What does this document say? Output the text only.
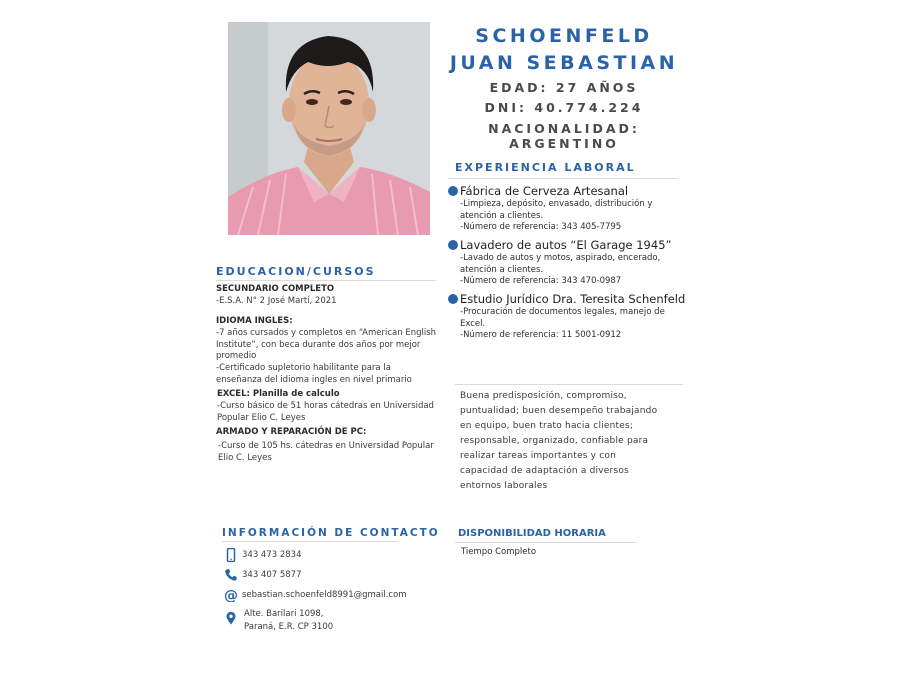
SCHOENFELD
JUAN SEBASTIAN
EDAD: 27 AÑOS
DNI: 40.774.224
NACIONALIDAD: ARGENTINO
EXPERIENCIA LABORAL
Fábrica de Cerveza Artesanal
-Limpieza, depósito, envasado, distribución y
atención a clientes.
-Número de referencia: 343 405-7795
Lavadero de autos “El Garage 1945”
-Lavado de autos y motos, aspirado, encerado,
atención a clientes.
-Número de referencia: 343 470-0987
Estudio Jurídico Dra. Teresita Schenfeld
-Procuración de documentos legales, manejo de
Excel.
-Número de referencia: 11 5001-0912
EDUCACION/CURSOS
SECUNDARIO COMPLETO
-E.S.A. N° 2 José Martí, 2021
IDIOMA INGLES:
-7 años cursados y completos en “American English
Institute”, con beca durante dos años por mejor
promedio
-Certificado supletorio habilitante para la
enseñanza del idioma ingles en nivel primario
EXCEL: Planilla de calculo
-Curso básico de 51 horas cátedras en Universidad
Popular Elio C. Leyes
ARMADO Y REPARACIÓN DE PC:
-Curso de 105 hs. cátedras en Universidad Popular
Elio C. Leyes
Buena predisposición, compromiso,
puntualidad; buen desempeño trabajando
en equipo, buen trato hacia clientes;
responsable, organizado, confiable para
realizar tareas importantes y con
capacidad de adaptación a diversos
entornos laborales
INFORMACIÓN DE CONTACTO
343 473 2834
343 407 5877
@ sebastian.schoenfeld8991@gmail.com
Alte. Barilari 1098,
Paraná, E.R. CP 3100
DISPONIBILIDAD HORARIA
Tiempo Completo
